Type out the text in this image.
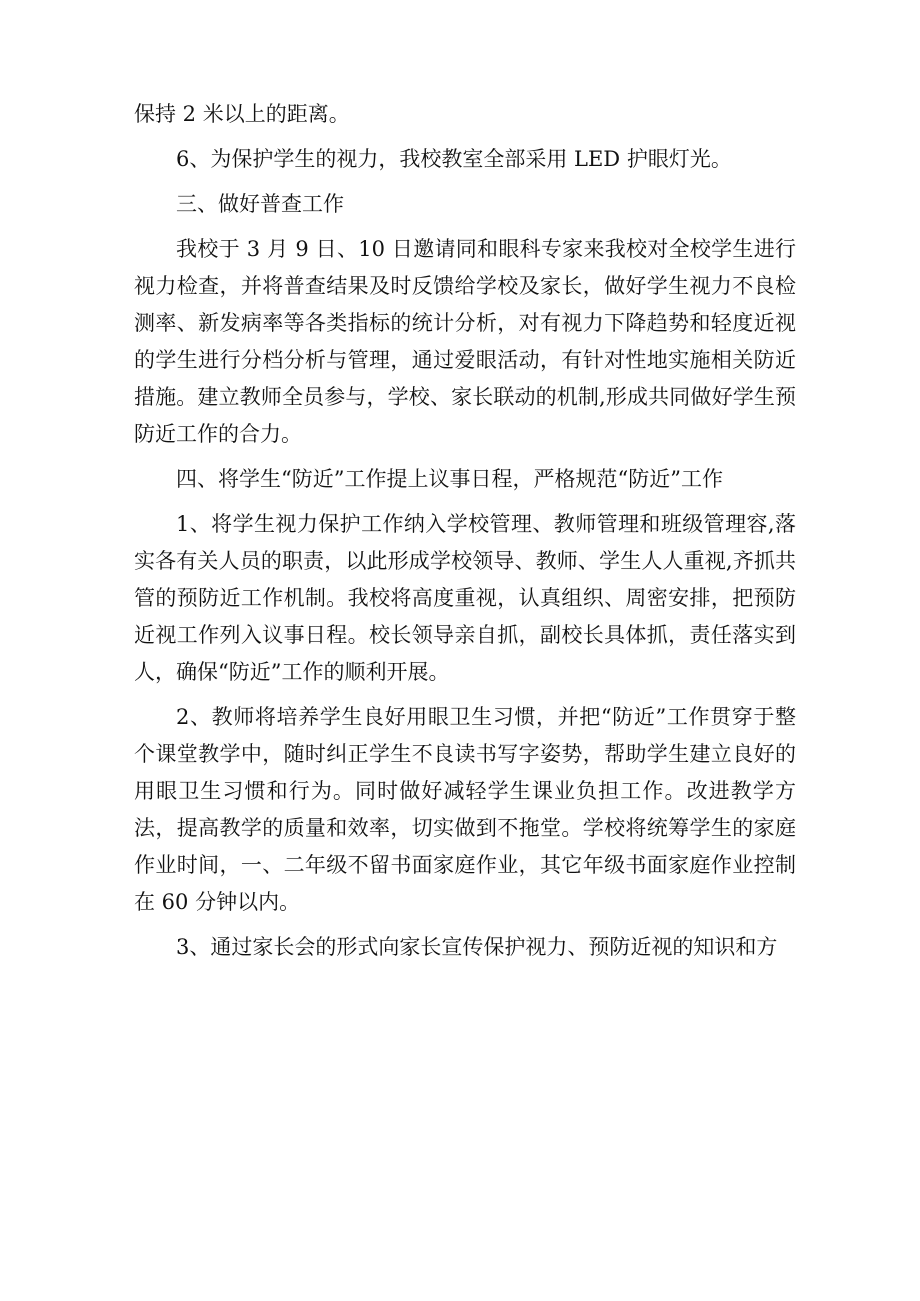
保持 2 米以上的距离。

6、为保护学生的视力，我校教室全部采用 LED 护眼灯光。

三、做好普查工作

我校于 3 月 9 日、10 日邀请同和眼科专家来我校对全校学生进行视力检查，并将普查结果及时反馈给学校及家长，做好学生视力不良检测率、新发病率等各类指标的统计分析，对有视力下降趋势和轻度近视的学生进行分档分析与管理，通过爱眼活动，有针对性地实施相关防近措施。建立教师全员参与，学校、家长联动的机制,形成共同做好学生预防近工作的合力。

四、将学生“防近”工作提上议事日程，严格规范“防近”工作

1、将学生视力保护工作纳入学校管理、教师管理和班级管理容,落实各有关人员的职责，以此形成学校领导、教师、学生人人重视,齐抓共管的预防近工作机制。我校将高度重视，认真组织、周密安排，把预防近视工作列入议事日程。校长领导亲自抓，副校长具体抓，责任落实到人，确保“防近”工作的顺利开展。

2、教师将培养学生良好用眼卫生习惯，并把“防近”工作贯穿于整个课堂教学中，随时纠正学生不良读书写字姿势，帮助学生建立良好的用眼卫生习惯和行为。同时做好减轻学生课业负担工作。改进教学方法，提高教学的质量和效率，切实做到不拖堂。学校将统筹学生的家庭作业时间，一、二年级不留书面家庭作业，其它年级书面家庭作业控制在 60 分钟以内。

3、通过家长会的形式向家长宣传保护视力、预防近视的知识和方
